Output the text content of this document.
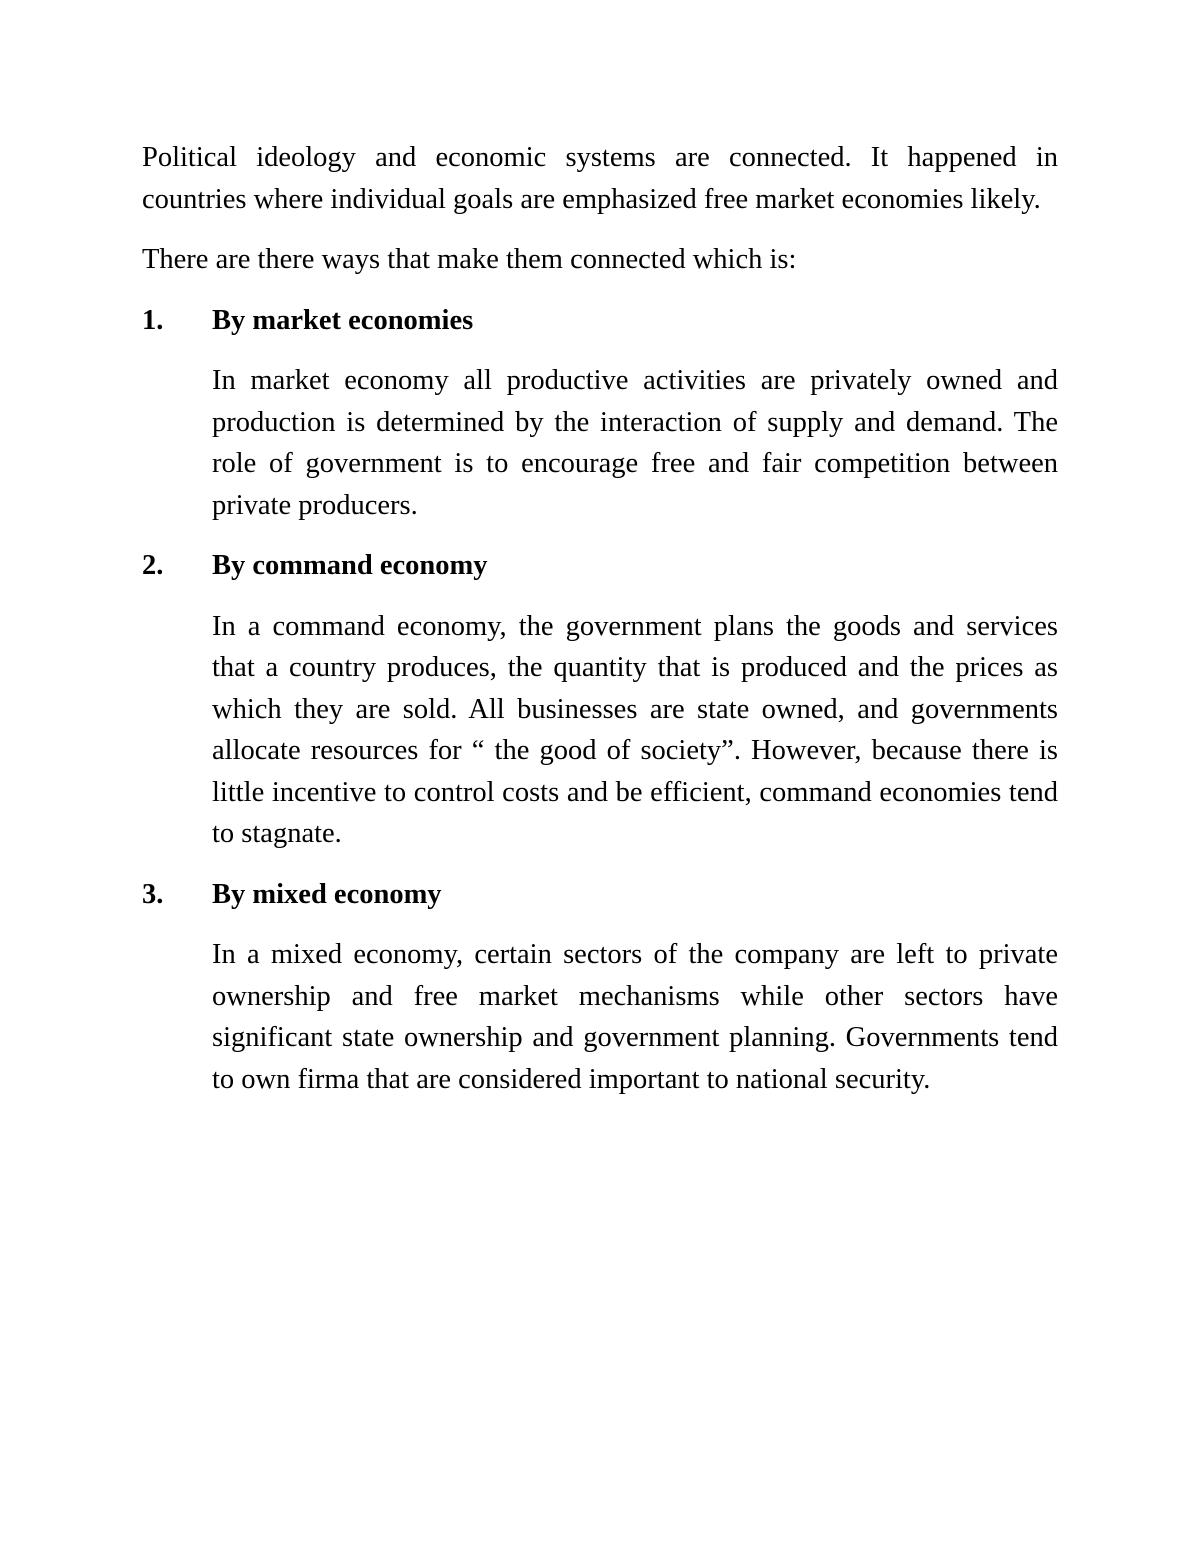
Political ideology and economic systems are connected. It happened in countries where individual goals are emphasized free market economies likely.

There are there ways that make them connected which is:

1.	By market economies

In market economy all productive activities are privately owned and production is determined by the interaction of supply and demand. The role of government is to encourage free and fair competition between private producers.

2.	By command economy

In a command economy, the government plans the goods and services that a country produces, the quantity that is produced and the prices as which they are sold. All businesses are state owned, and governments allocate resources for “ the good of society”. However, because there is little incentive to control costs and be efficient, command economies tend to stagnate.

3.	By mixed economy

In a mixed economy, certain sectors of the company are left to private ownership and free market mechanisms while other sectors have significant state ownership and government planning. Governments tend to own firma that are considered important to national security.
